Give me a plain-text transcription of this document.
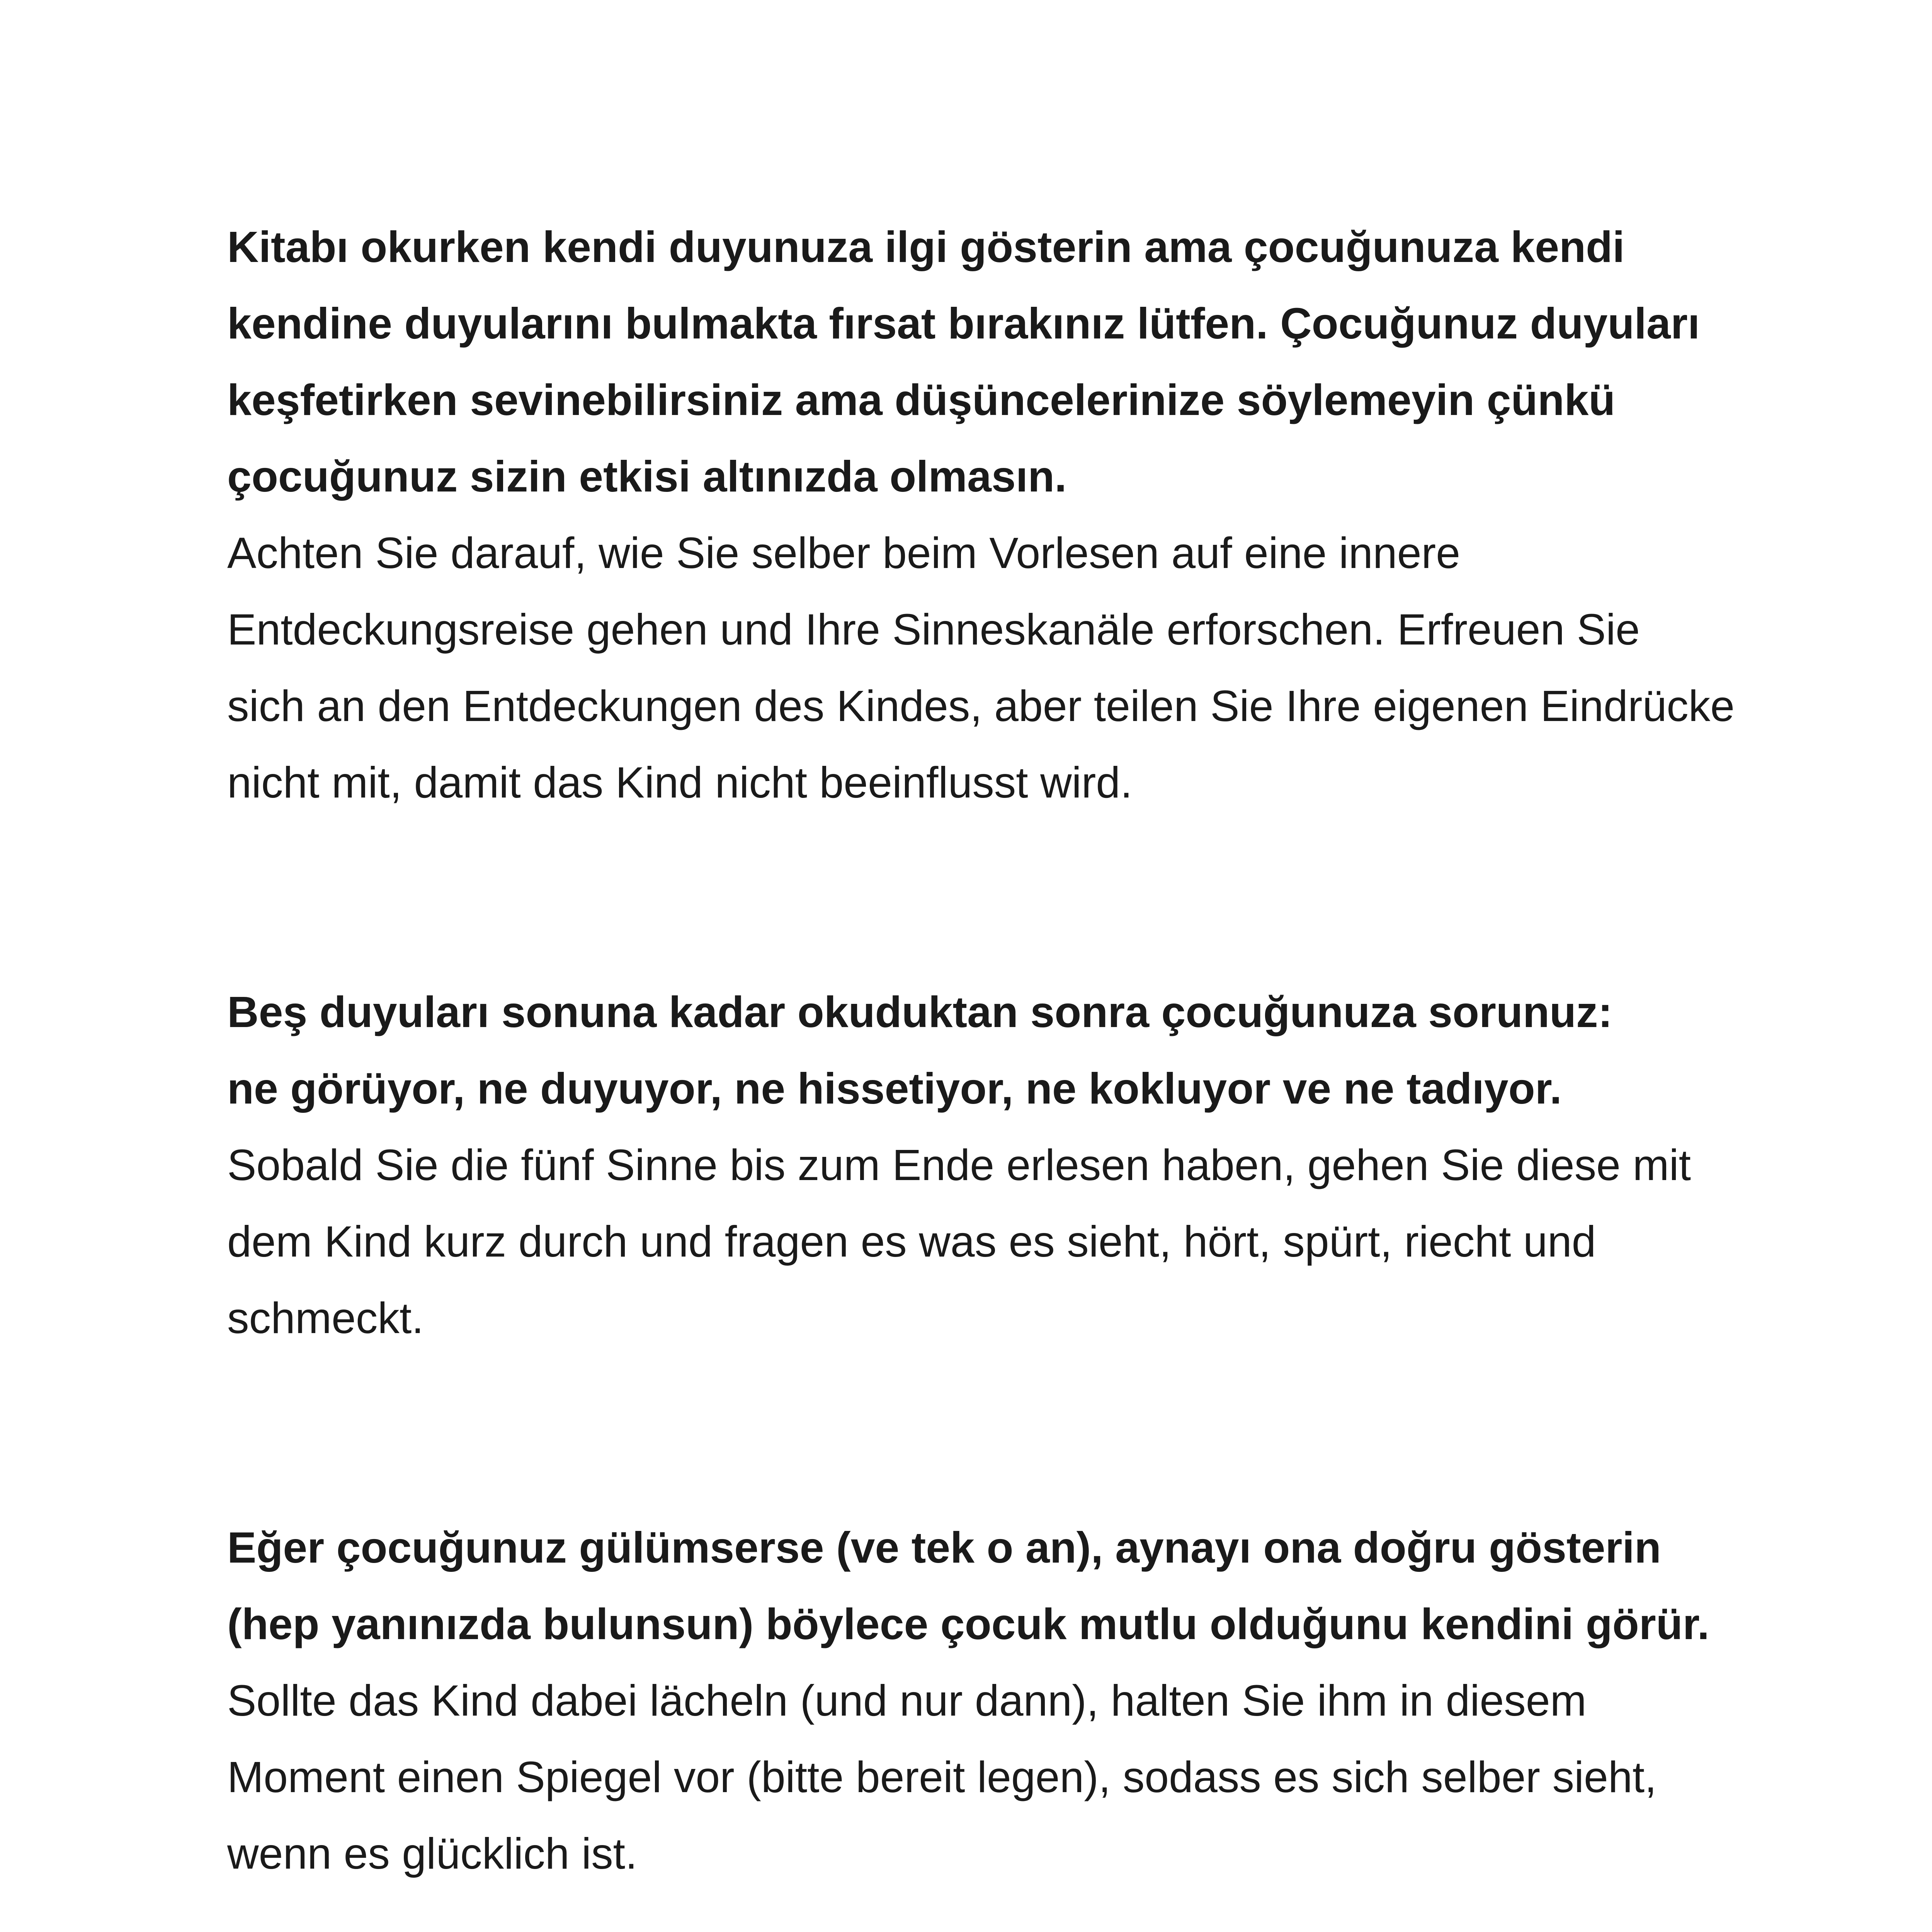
Kitabı okurken kendi duyunuza ilgi gösterin ama çocuğunuza kendi
kendine duyularını bulmakta fırsat bırakınız lütfen. Çocuğunuz duyuları
keşfetirken sevinebilirsiniz ama düşüncelerinize söylemeyin çünkü
çocuğunuz sizin etkisi altınızda olmasın.
Achten Sie darauf, wie Sie selber beim Vorlesen auf eine innere
Entdeckungsreise gehen und Ihre Sinneskanäle erforschen. Erfreuen Sie
sich an den Entdeckungen des Kindes, aber teilen Sie Ihre eigenen Eindrücke
nicht mit, damit das Kind nicht beeinflusst wird.
Beş duyuları sonuna kadar okuduktan sonra çocuğunuza sorunuz:
ne görüyor, ne duyuyor, ne hissetiyor, ne kokluyor ve ne tadıyor.
Sobald Sie die fünf Sinne bis zum Ende erlesen haben, gehen Sie diese mit
dem Kind kurz durch und fragen es was es sieht, hört, spürt, riecht und
schmeckt.
Eğer çocuğunuz gülümserse (ve tek o an), aynayı ona doğru gösterin
(hep yanınızda bulunsun) böylece çocuk mutlu olduğunu kendini görür.
Sollte das Kind dabei lächeln (und nur dann), halten Sie ihm in diesem
Moment einen Spiegel vor (bitte bereit legen), sodass es sich selber sieht,
wenn es glücklich ist.
